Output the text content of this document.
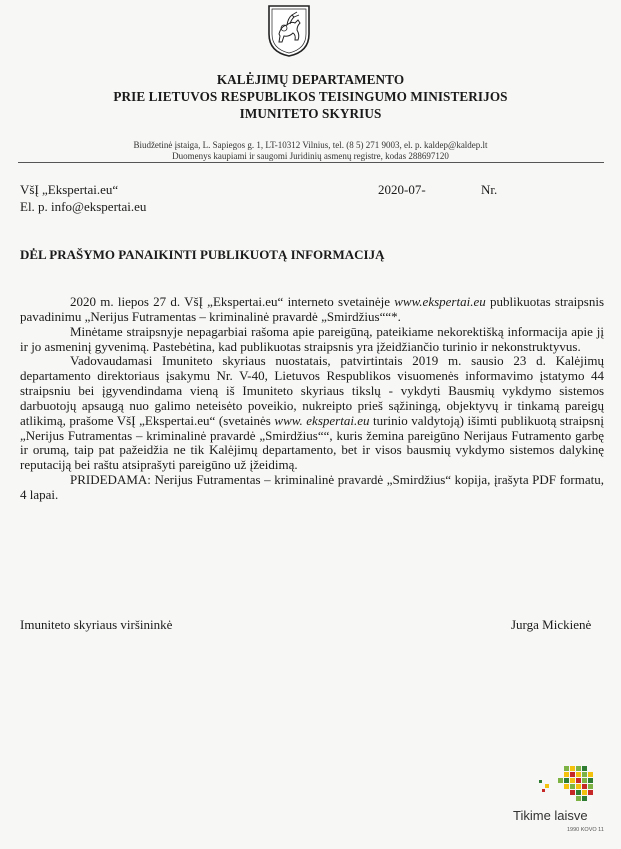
KALĖJIMŲ DEPARTAMENTO
PRIE LIETUVOS RESPUBLIKOS TEISINGUMO MINISTERIJOS
IMUNITETO SKYRIUS
Biudžetinė įstaiga, L. Sapiegos g. 1, LT-10312 Vilnius, tel. (8 5) 271 9003, el. p. kaldep@kaldep.lt
Duomenys kaupiami ir saugomi Juridinių asmenų registre, kodas 288697120
VšĮ „Ekspertai.eu“
El. p. info@ekspertai.eu
2020-07-	Nr.
DĖL PRAŠYMO PANAIKINTI PUBLIKUOTĄ INFORMACIJĄ

2020 m. liepos 27 d. VšĮ „Ekspertai.eu“ interneto svetainėje www.ekspertai.eu publikuotas straipsnis pavadinimu „Nerijus Futramentas – kriminalinė pravardė „Smirdžius““*.

Minėtame straipsnyje nepagarbiai rašoma apie pareigūną, pateikiame nekorektišką informacija apie jį ir jo asmeninį gyvenimą. Pastebėtina, kad publikuotas straipsnis yra įžeidžiančio turinio ir nekonstruktyvus.

Vadovaudamasi Imuniteto skyriaus nuostatais, patvirtintais 2019 m. sausio 23 d. Kalėjimų departamento direktoriaus įsakymu Nr. V-40, Lietuvos Respublikos visuomenės informavimo įstatymo 44 straipsniu bei įgyvendindama vieną iš Imuniteto skyriaus tikslų - vykdyti Bausmių vykdymo sistemos darbuotojų apsaugą nuo galimo neteisėto poveikio, nukreipto prieš sąžiningą, objektyvų ir tinkamą pareigų atlikimą, prašome VšĮ „Ekspertai.eu“ (svetainės www. ekspertai.eu turinio valdytoją) išimti publikuotą straipsnį „Nerijus Futramentas – kriminalinė pravardė „Smirdžius““, kuris žemina pareigūno Nerijaus Futramento garbę ir orumą, taip pat pažeidžia ne tik Kalėjimų departamento, bet ir visos bausmių vykdymo sistemos dalykinę reputaciją bei raštu atsiprašyti pareigūno už įžeidimą.

PRIDEDAMA: Nerijus Futramentas – kriminalinė pravardė „Smirdžius“ kopija, įrašyta PDF formatu, 4 lapai.

Imuniteto skyriaus viršininkė	Jurga Mickienė
Tikime laisve
1990 KOVO 11
